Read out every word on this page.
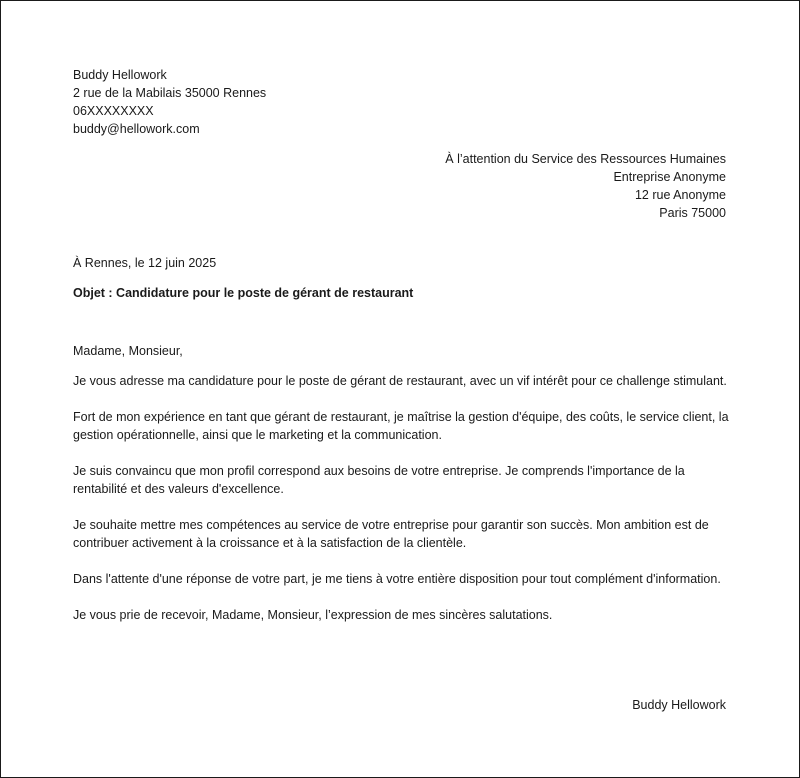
Buddy Hellowork
2 rue de la Mabilais 35000 Rennes
06XXXXXXXX
buddy@hellowork.com
À l’attention du Service des Ressources Humaines
Entreprise Anonyme
12 rue Anonyme
Paris 75000
À Rennes, le 12 juin 2025
Objet : Candidature pour le poste de gérant de restaurant

Madame, Monsieur,

Je vous adresse ma candidature pour le poste de gérant de restaurant, avec un vif intérêt pour ce challenge stimulant.

Fort de mon expérience en tant que gérant de restaurant, je maîtrise la gestion d'équipe, des coûts, le service client, la gestion opérationnelle, ainsi que le marketing et la communication.

Je suis convaincu que mon profil correspond aux besoins de votre entreprise. Je comprends l'importance de la rentabilité et des valeurs d'excellence.

Je souhaite mettre mes compétences au service de votre entreprise pour garantir son succès. Mon ambition est de contribuer activement à la croissance et à la satisfaction de la clientèle.

Dans l'attente d'une réponse de votre part, je me tiens à votre entière disposition pour tout complément d'information.

Je vous prie de recevoir, Madame, Monsieur, l’expression de mes sincères salutations.

Buddy Hellowork
